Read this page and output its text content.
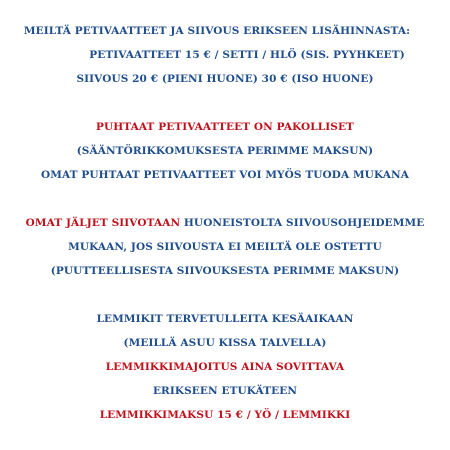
MEILTÄ PETIVAATTEET JA SIIVOUS ERIKSEEN LISÄHINNASTA:
PETIVAATTEET 15 € / SETTI / HLÖ (SIS. PYYHKEET)
SIIVOUS 20 € (PIENI HUONE) 30 € (ISO HUONE)
PUHTAAT PETIVAATTEET ON PAKOLLISET
(SÄÄNTÖRIKKOMUKSESTA PERIMME MAKSUN)
OMAT PUHTAAT PETIVAATTEET VOI MYÖS TUODA MUKANA
OMAT JÄLJET SIIVOTAAN HUONEISTOLTA SIIVOUSOHJEIDEMME
MUKAAN, JOS SIIVOUSTA EI MEILTÄ OLE OSTETTU
(PUUTTEELLISESTA SIIVOUKSESTA PERIMME MAKSUN)
LEMMIKIT TERVETULLEITA KESÄAIKAAN
(MEILLÄ ASUU KISSA TALVELLA)
LEMMIKKIMAJOITUS AINA SOVITTAVA
ERIKSEEN ETUKÄTEEN
LEMMIKKIMAKSU 15 € / YÖ / LEMMIKKI
